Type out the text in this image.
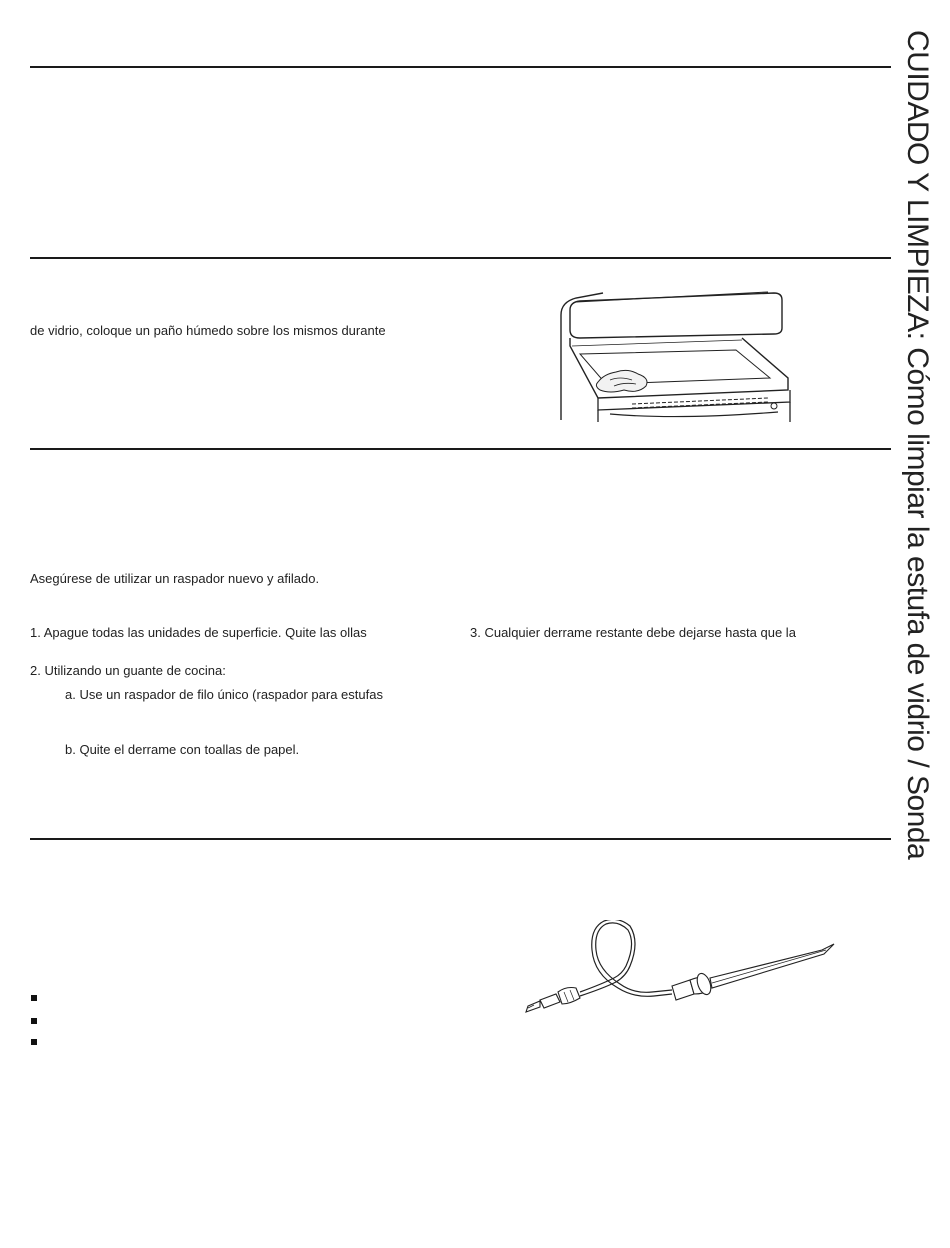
CUIDADO Y LIMPIEZA: Cómo limpiar la estufa de vidrio / Sonda
de vidrio, coloque un paño húmedo sobre los mismos durante
Asegúrese de utilizar un raspador nuevo y afilado.
1. Apague todas las unidades de superficie. Quite las ollas	3. Cualquier derrame restante debe dejarse hasta que la
2. Utilizando un guante de cocina:
a. Use un raspador de filo único (raspador para estufas
b. Quite el derrame con toallas de papel.
